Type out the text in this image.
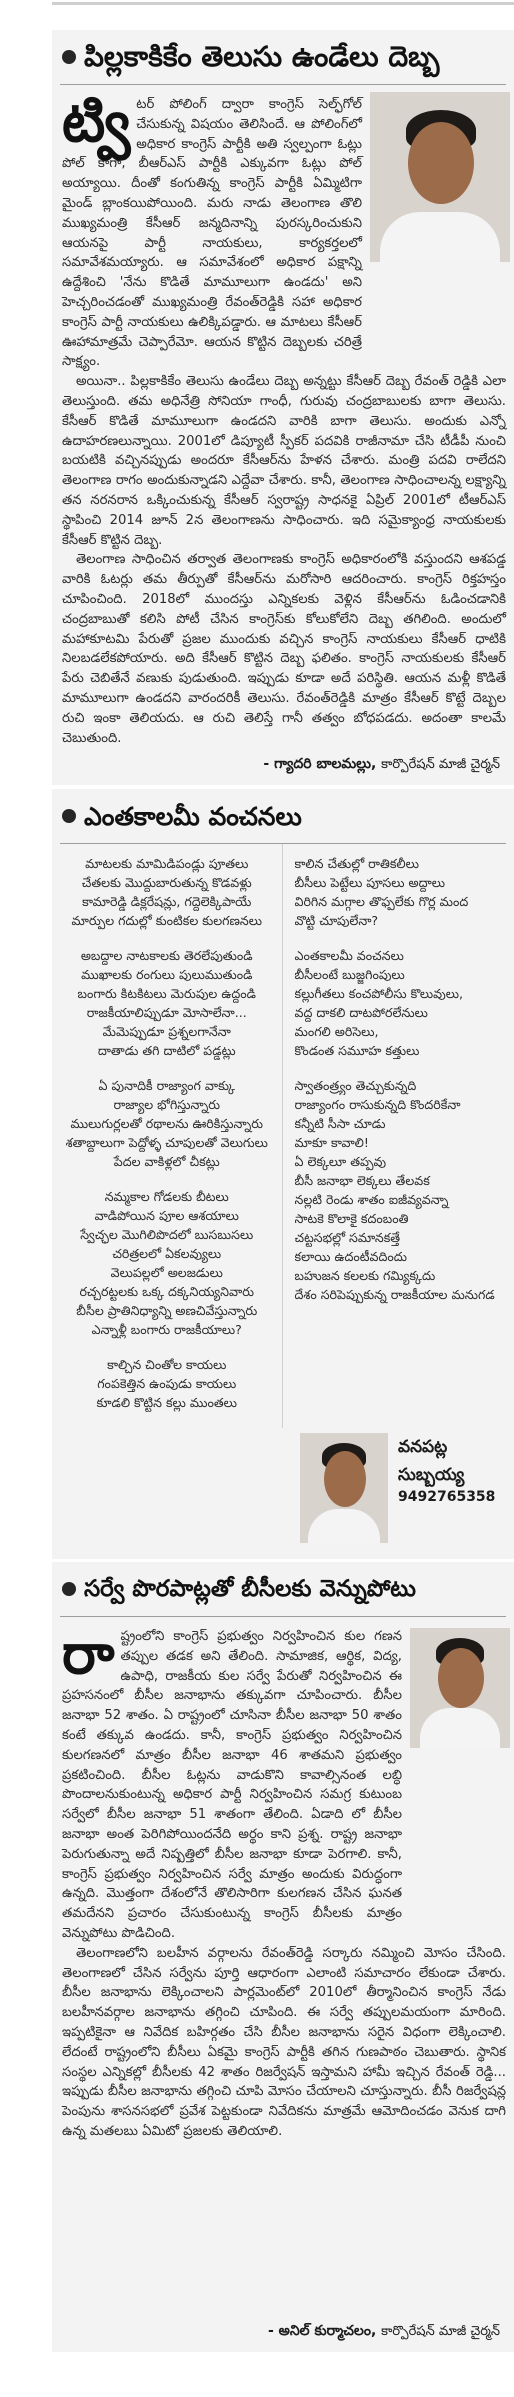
పిల్లకాకికేం తెలుసు ఉండేలు దెబ్బ
ట్వి టర్ పోలింగ్ ద్వారా కాంగ్రెస్ సెల్ఫ్‌గోల్ చేసుకున్న విషయం తెలిసిందే. ఆ పోలింగ్‌లో అధికార కాంగ్రెస్ పార్టీకి అతి స్వల్పంగా ఓట్లు పోల్ కాగా, బీఆర్ఎస్ పార్టీకి ఎక్కువగా ఓట్లు పోల్ అయ్యాయి. దీంతో కంగుతిన్న కాంగ్రెస్ పార్టీకి ఏమ్మిటిగా మైండ్ బ్లాంకయిపోయింది. మరు నాడు తెలంగాణ తొలి ముఖ్యమంత్రి కేసీఆర్ జన్మదినాన్ని పురస్కరించుకుని ఆయనపై పార్టీ నాయకులు, కార్యకర్తలలో సమావేశమయ్యారు. ఆ సమావేశంలో అధికార పక్షాన్ని ఉద్దేశించి 'నేను కొడితే మామూలుగా ఉండదు' అని హెచ్చరించడంతో ముఖ్యమంత్రి రేవంత్‌రెడ్డికి సహా అధికార కాంగ్రెస్ పార్టీ నాయకులు ఉలిక్కిపడ్డారు. ఆ మాటలు కేసీఆర్ ఊహామాత్రమే చెప్పారేమో. ఆయన కొట్టిన దెబ్బలకు చరిత్రే సాక్ష్యం.

అయినా.. పిల్లకాకికేం తెలుసు ఉండేలు దెబ్బ అన్నట్టు కేసీఆర్ దెబ్బ రేవంత్ రెడ్డికి ఎలా తెలుస్తుంది. తమ అధినేత్రి సోనియా గాంధీ, గురువు చంద్రబాబులకు బాగా తెలుసు. కేసీఆర్ కొడితే మామూలుగా ఉండదని వారికి బాగా తెలుసు. అందుకు ఎన్నో ఉదాహరణలున్నాయి. 2001లో డిప్యూటీ స్పీకర్ పదవికి రాజీనామా చేసి టీడీపీ నుంచి బయటికి వచ్చినప్పుడు అందరూ కేసీఆర్‌ను హేళన చేశారు. మంత్రి పదవి రాలేదని తెలంగాణ రాగం అందుకున్నాడని ఎద్దేవా చేశారు. కానీ, తెలంగాణ సాధించాలన్న లక్ష్యాన్ని తన నరనరాన ఒక్కించుకున్న కేసీఆర్ స్వరాష్ట్ర సాధనకై ఏప్రిల్ 2001లో టీఆర్ఎస్ స్థాపించి 2014 జూన్ 2న తెలంగాణను సాధించారు. ఇది సమైక్యాంధ్ర నాయకులకు కేసీఆర్ కొట్టిన దెబ్బ.

తెలంగాణ సాధించిన తర్వాత తెలంగాణకు కాంగ్రెస్ అధికారంలోకి వస్తుందని ఆశపడ్డ వారికి ఓటర్లు తమ తీర్పుతో కేసీఆర్‌ను మరోసారి ఆదరించారు. కాంగ్రెస్ రిక్తహస్తం చూపించింది. 2018లో ముందస్తు ఎన్నికలకు వెళ్లిన కేసీఆర్‌ను ఓడించడానికి చంద్రబాబుతో కలిసి పోటీ చేసిన కాంగ్రెస్‌కు కోలుకోలేని దెబ్బ తగిలింది. అందులో మహాకూటమి పేరుతో ప్రజల ముందుకు వచ్చిన కాంగ్రెస్ నాయకులు కేసీఆర్ ధాటికి నిలబడలేకపోయారు. అది కేసీఆర్ కొట్టిన దెబ్బ ఫలితం. కాంగ్రెస్ నాయకులకు కేసీఆర్ పేరు చెబితేనే వణుకు పుడుతుంది. ఇప్పుడు కూడా అదే పరిస్థితి. ఆయన మళ్లీ కొడితే మామూలుగా ఉండదని వారందరికీ తెలుసు. రేవంత్‌రెడ్డికి మాత్రం కేసీఆర్ కొట్టే దెబ్బల రుచి ఇంకా తెలియదు. ఆ రుచి తెలిస్తే గానీ తత్వం బోధపడదు. అదంతా కాలమే చెబుతుంది.

- గ్యాదరి బాలమల్లు, కార్పొరేషన్ మాజీ చైర్మన్
ఎంతకాలమీ వంచనలు
మాటలకు మామిడిపండ్లు పూతలు
చేతలకు మొద్దుబారుతున్న కొడవళ్లు
కామారెడ్డి డిక్లరేషన్లు, గద్దెలెక్కిపాయే
మార్పుల గదుల్లో కుంటికల కులగణనలు
అబద్ధాల నాటకాలకు తెరలేపుతుండి
ముఖాలకు రంగులు పులుముతుండి
బంగారు కిటకిటలు మెరుపుల ఉద్దండి
రాజకీయాలిప్పుడూ మోసాలేనా...
మేమెప్పుడూ ప్రశ్నలగానేనా
దాతాడు తగి దాటిలో పడ్డట్లు
ఏ పునాదికీ రాజ్యాంగ వాక్కు
రాజ్యాల భోగిస్తున్నారు
ములుగుర్లలతో రథాలను ఊరికిస్తున్నారు
శతాబ్దాలుగా పెద్దోళ్ళ చూపులతో వెలుగులు
పేదల వాకిళ్లలో చీకట్లు
నమ్మకాల గోడలకు బీటలు
వాడిపోయిన పూల ఆశయాలు
స్వేచ్ఛల మొగిలిపొదలో బుసబుసలు
చరిత్రలలో ఏకలవ్యులు
వెలుపల్లలో అలజడులు
రచ్చరట్టలకు ఒక్క దక్కనియ్యనివారు
బీసీల ప్రాతినిధ్యాన్ని అణచివేస్తున్నారు
ఎన్నాళ్లీ బంగారు రాజకీయాలు?
కాల్చిన చింతోల కాయలు
గంపకెత్తిన ఉంపుడు కాయలు
కూడలి కొట్టిన కల్లు ముంతలు
కాలిన చేతుల్లో రాతికలీలు
బీసీలు పెట్టేలు పూసలు అద్దాలు
విరిగిన మగ్గాల తొఫ్పలేకు గొర్ల మంద
వొట్టి చూపులేనా?
ఎంతకాలమీ వంచనలు
బీసీలంటే బుజ్జగింపులు
కల్లుగీతలు కంచపోలీసు కొలువులు,
వద్ద దాకలి దాటపోరలేనులు
మంగలి అరిసెలు,
కొండంత సమూహ కత్తులు
స్వాతంత్ర్యం తెచ్చుకున్నది
రాజ్యాంగం రాసుకున్నది కొందరికేనా
కన్నీటి సీసా చూడు
మాకూ కావాలి!
ఏ లెక్కలూ తప్పవు
బీసీ జనాభా లెక్కలు తేలవక
నల్లటి రెండు శాతం ఐజీవ్యవన్నా
సాటకె కొలాకై కదంబంతి
చట్టసభల్లో సమానకత్తే
కలాయి ఉదంటీవదిందు
బహుజన కలలకు గమ్యిక్కదు
దేశం సరిపెప్పుకున్న రాజకీయాల మనుగడ
వనపట్ల
సుబ్బయ్య
9492765358
సర్వే పొరపాట్లతో బీసీలకు వెన్నుపోటు
రా ష్ట్రంలోని కాంగ్రెస్ ప్రభుత్వం నిర్వహించిన కుల గణన తప్పుల తడక అని తేలింది. సామాజిక, ఆర్థిక, విద్య, ఉపాధి, రాజకీయ కుల సర్వే పేరుతో నిర్వహించిన ఈ ప్రహసనంలో బీసీల జనాభాను తక్కువగా చూపించారు. బీసీల జనాభా 52 శాతం. ఏ రాష్ట్రంలో చూసినా బీసీల జనాభా 50 శాతం కంటే తక్కువ ఉండదు. కానీ, కాంగ్రెస్ ప్రభుత్వం నిర్వహించిన కులగణనలో మాత్రం బీసీల జనాభా 46 శాతమని ప్రభుత్వం ప్రకటించింది. బీసీల ఓట్లను వాడుకొని కావాల్సినంత లబ్ధి పొందాలనుకుంటున్న అధికార పార్టీ నిర్వహించిన సమగ్ర కుటుంబ సర్వేలో బీసీల జనాభా 51 శాతంగా తేలింది. ఏడాది లో బీసీల జనాభా అంత పెరిగిపోయిందనేది అర్థం కాని ప్రశ్న. రాష్ట్ర జనాభా పెరుగుతున్నా అదే నిష్పత్తిలో బీసీల జనాభా కూడా పెరగాలి. కానీ, కాంగ్రెస్ ప్రభుత్వం నిర్వహించిన సర్వే మాత్రం అందుకు విరుద్ధంగా ఉన్నది. మొత్తంగా దేశంలోనే తొలిసారిగా కులగణన చేసిన ఘనత తమదేనని ప్రచారం చేసుకుంటున్న కాంగ్రెస్ బీసీలకు మాత్రం వెన్నుపోటు పొడిచింది.

తెలంగాణలోని బలహీన వర్గాలను రేవంత్‌రెడ్డి సర్కారు నమ్మించి మోసం చేసింది. తెలంగాణలో చేసిన సర్వేను పూర్తి ఆధారంగా ఎలాంటి సమాచారం లేకుండా చేశారు. బీసీల జనాభాను లెక్కించాలని పార్లమెంట్‌లో 2010లో తీర్మానించిన కాంగ్రెస్ నేడు బలహీనవర్గాల జనాభాను తగ్గించి చూపింది. ఈ సర్వే తప్పులమయంగా మారింది. ఇప్పటికైనా ఆ నివేదిక బహిర్గతం చేసి బీసీల జనాభాను సరైన విధంగా లెక్కించాలి. లేదంటే రాష్ట్రంలోని బీసీలు ఏకమై కాంగ్రెస్ పార్టీకి తగిన గుణపాఠం చెబుతారు. స్థానిక సంస్థల ఎన్నికల్లో బీసీలకు 42 శాతం రిజర్వేషన్ ఇస్తామని హామీ ఇచ్చిన రేవంత్ రెడ్డి... ఇప్పుడు బీసీల జనాభాను తగ్గించి చూపి మోసం చేయాలని చూస్తున్నారు. బీసీ రిజర్వేషన్ల పెంపును శాసనసభలో ప్రవేశ పెట్టకుండా నివేదికను మాత్రమే ఆమోదించడం వెనుక దాగి ఉన్న మతలబు ఏమిటో ప్రజలకు తెలియాలి.

- అనిల్ కుర్మాచలం, కార్పొరేషన్ మాజీ చైర్మన్
